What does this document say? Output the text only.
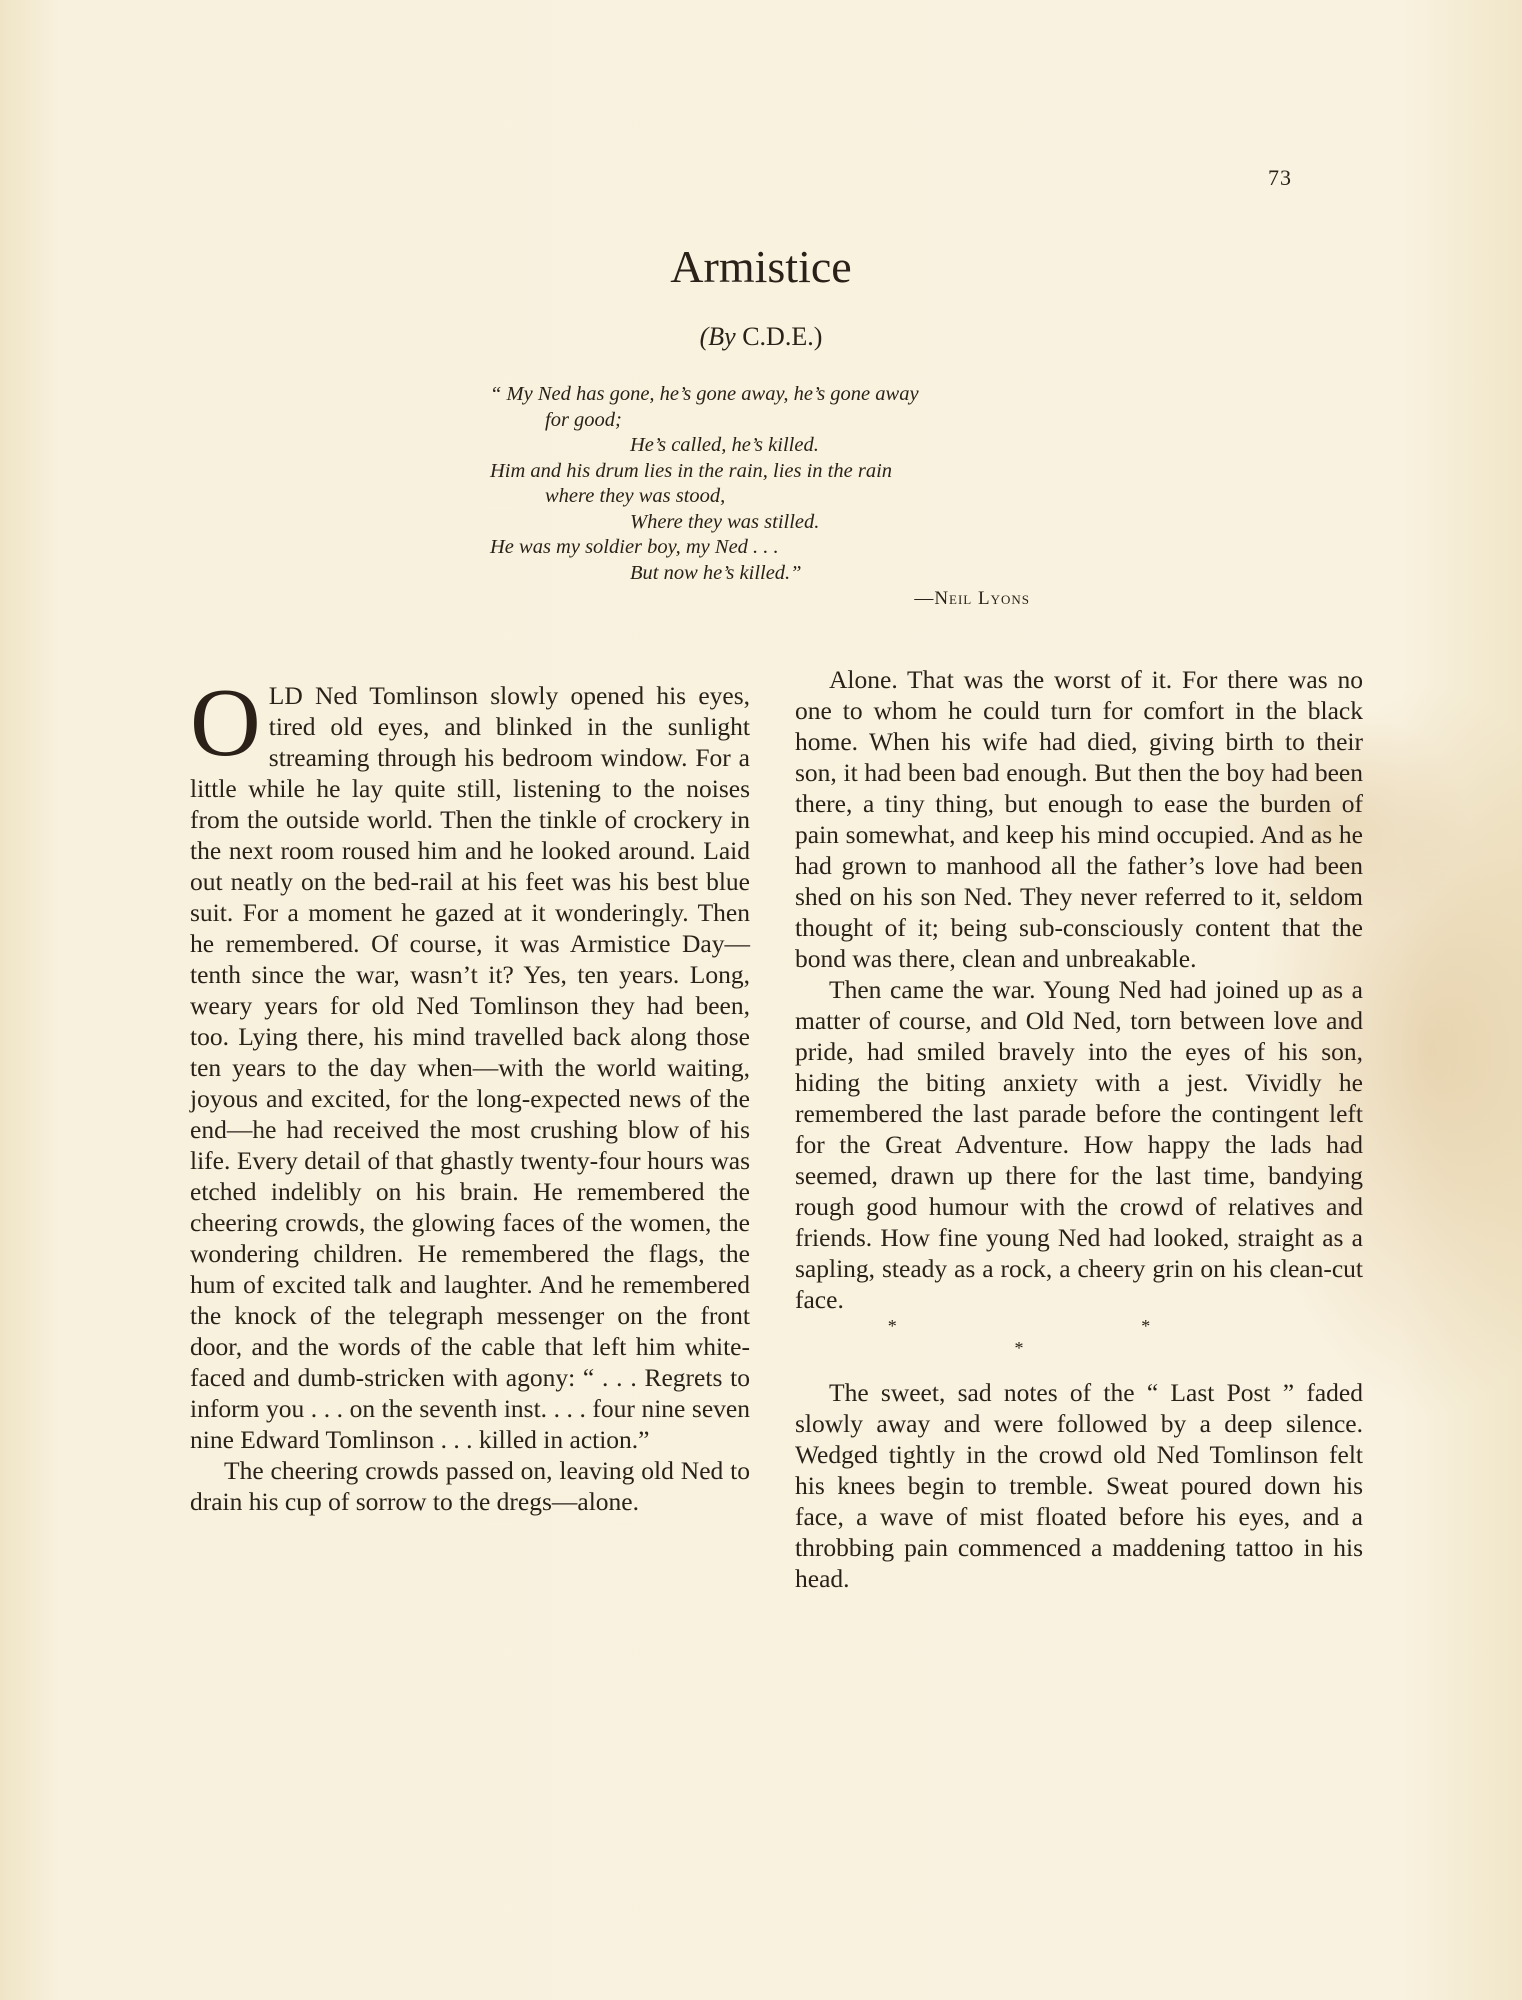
73
Armistice
(By C.D.E.)
“ My Ned has gone, he’s gone away, he’s gone away
for good;
He’s called, he’s killed.
Him and his drum lies in the rain, lies in the rain
where they was stood,
Where they was stilled.
He was my soldier boy, my Ned . . .
But now he’s killed.”
—Neil Lyons

OLD Ned Tomlinson slowly opened his eyes, tired old eyes, and blinked in the sunlight streaming through his bedroom window. For a little while he lay quite still, listening to the noises from the outside world. Then the tinkle of crockery in the next room roused him and he looked around. Laid out neatly on the bed-rail at his feet was his best blue suit. For a moment he gazed at it wonderingly. Then he remembered. Of course, it was Armistice Day—tenth since the war, wasn’t it? Yes, ten years. Long, weary years for old Ned Tomlinson they had been, too. Lying there, his mind travelled back along those ten years to the day when—with the world waiting, joyous and excited, for the long-expected news of the end—he had received the most crushing blow of his life. Every detail of that ghastly twenty-four hours was etched indelibly on his brain. He remembered the cheering crowds, the glowing faces of the women, the wondering children. He remembered the flags, the hum of excited talk and laughter. And he remembered the knock of the telegraph messenger on the front door, and the words of the cable that left him white-faced and dumb-stricken with agony: “ . . . Regrets to inform you . . . on the seventh inst. . . . four nine seven nine Edward Tomlinson . . . killed in action.”

The cheering crowds passed on, leaving old Ned to drain his cup of sorrow to the dregs—alone.

Alone. That was the worst of it. For there was no one to whom he could turn for comfort in the black home. When his wife had died, giving birth to their son, it had been bad enough. But then the boy had been there, a tiny thing, but enough to ease the burden of pain somewhat, and keep his mind occupied. And as he had grown to manhood all the father’s love had been shed on his son Ned. They never referred to it, seldom thought of it; being sub-consciously content that the bond was there, clean and unbreakable.

Then came the war. Young Ned had joined up as a matter of course, and Old Ned, torn between love and pride, had smiled bravely into the eyes of his son, hiding the biting anxiety with a jest. Vividly he remembered the last parade before the contingent left for the Great Adventure. How happy the lads had seemed, drawn up there for the last time, bandying rough good humour with the crowd of relatives and friends. How fine young Ned had looked, straight as a sapling, steady as a rock, a cheery grin on his clean-cut face.

* * *

The sweet, sad notes of the “ Last Post ” faded slowly away and were followed by a deep silence. Wedged tightly in the crowd old Ned Tomlinson felt his knees begin to tremble. Sweat poured down his face, a wave of mist floated before his eyes, and a throbbing pain commenced a maddening tattoo in his head.
